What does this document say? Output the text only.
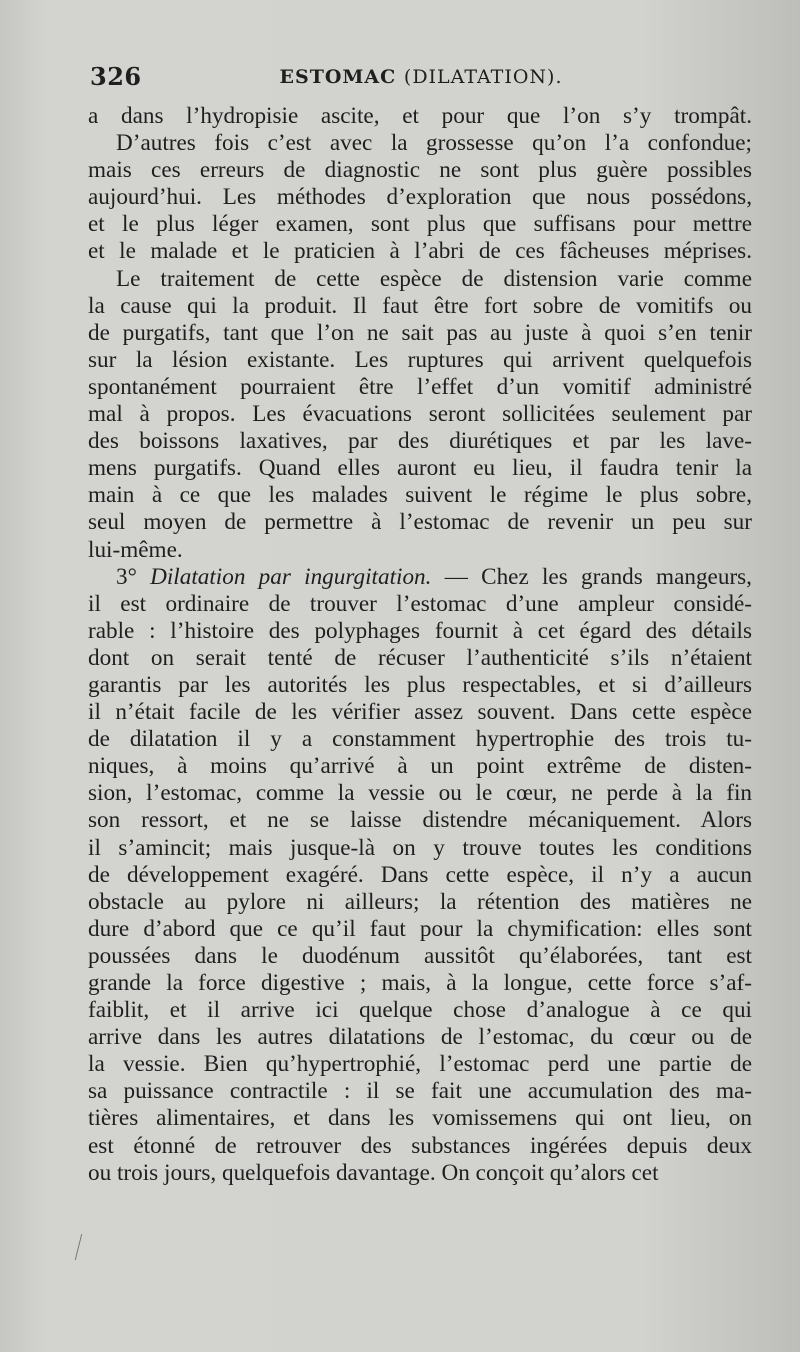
326	ESTOMAC (DILATATION).
a dans l’hydropisie ascite, et pour que l’on s’y trompât.
D’autres fois c’est avec la grossesse qu’on l’a confondue;
mais ces erreurs de diagnostic ne sont plus guère possibles
aujourd’hui. Les méthodes d’exploration que nous possédons,
et le plus léger examen, sont plus que suffisans pour mettre
et le malade et le praticien à l’abri de ces fâcheuses méprises.
Le traitement de cette espèce de distension varie comme
la cause qui la produit. Il faut être fort sobre de vomitifs ou
de purgatifs, tant que l’on ne sait pas au juste à quoi s’en tenir
sur la lésion existante. Les ruptures qui arrivent quelquefois
spontanément pourraient être l’effet d’un vomitif administré
mal à propos. Les évacuations seront sollicitées seulement par
des boissons laxatives, par des diurétiques et par les lave-
mens purgatifs. Quand elles auront eu lieu, il faudra tenir la
main à ce que les malades suivent le régime le plus sobre,
seul moyen de permettre à l’estomac de revenir un peu sur
lui-même.
3° Dilatation par ingurgitation. — Chez les grands mangeurs,
il est ordinaire de trouver l’estomac d’une ampleur considé-
rable : l’histoire des polyphages fournit à cet égard des détails
dont on serait tenté de récuser l’authenticité s’ils n’étaient
garantis par les autorités les plus respectables, et si d’ailleurs
il n’était facile de les vérifier assez souvent. Dans cette espèce
de dilatation il y a constamment hypertrophie des trois tu-
niques, à moins qu’arrivé à un point extrême de disten-
sion, l’estomac, comme la vessie ou le cœur, ne perde à la fin
son ressort, et ne se laisse distendre mécaniquement. Alors
il s’amincit; mais jusque-là on y trouve toutes les conditions
de développement exagéré. Dans cette espèce, il n’y a aucun
obstacle au pylore ni ailleurs; la rétention des matières ne
dure d’abord que ce qu’il faut pour la chymification: elles sont
poussées dans le duodénum aussitôt qu’élaborées, tant est
grande la force digestive ; mais, à la longue, cette force s’af-
faiblit, et il arrive ici quelque chose d’analogue à ce qui
arrive dans les autres dilatations de l’estomac, du cœur ou de
la vessie. Bien qu’hypertrophié, l’estomac perd une partie de
sa puissance contractile : il se fait une accumulation des ma-
tières alimentaires, et dans les vomissemens qui ont lieu, on
est étonné de retrouver des substances ingérées depuis deux
ou trois jours, quelquefois davantage. On conçoit qu’alors cet
